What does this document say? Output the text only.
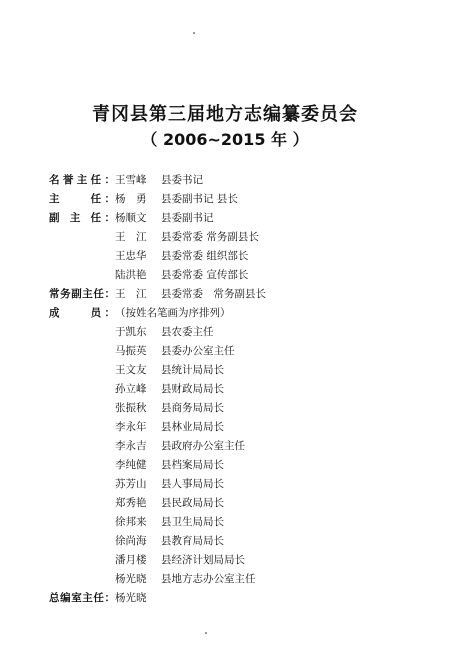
青冈县第三届地方志编纂委员会
（ 2006~2015 年 ）
名誉主任： 王雪峰	县委书记
主　　任： 杨　勇	县委副书记 县长
副 主 任： 杨顺文	县委副书记
王　江	县委常委 常务副县长
王忠华	县委常委 组织部长
陆洪艳	县委常委 宣传部长
常务副主任： 王　江	县委常委　常务副县长
成　　员： （按姓名笔画为序排列）
于凯东	县农委主任
马振英	县委办公室主任
王文友	县统计局局长
孙立峰	县财政局局长
张振秋	县商务局局长
李永年	县林业局局长
李永吉	县政府办公室主任
李纯健	县档案局局长
苏芳山	县人事局局长
郑秀艳	县民政局局长
徐邦来	县卫生局局长
徐尚海	县教育局局长
潘月楼	县经济计划局局长
杨光晓	县地方志办公室主任
总编室主任： 杨光晓
